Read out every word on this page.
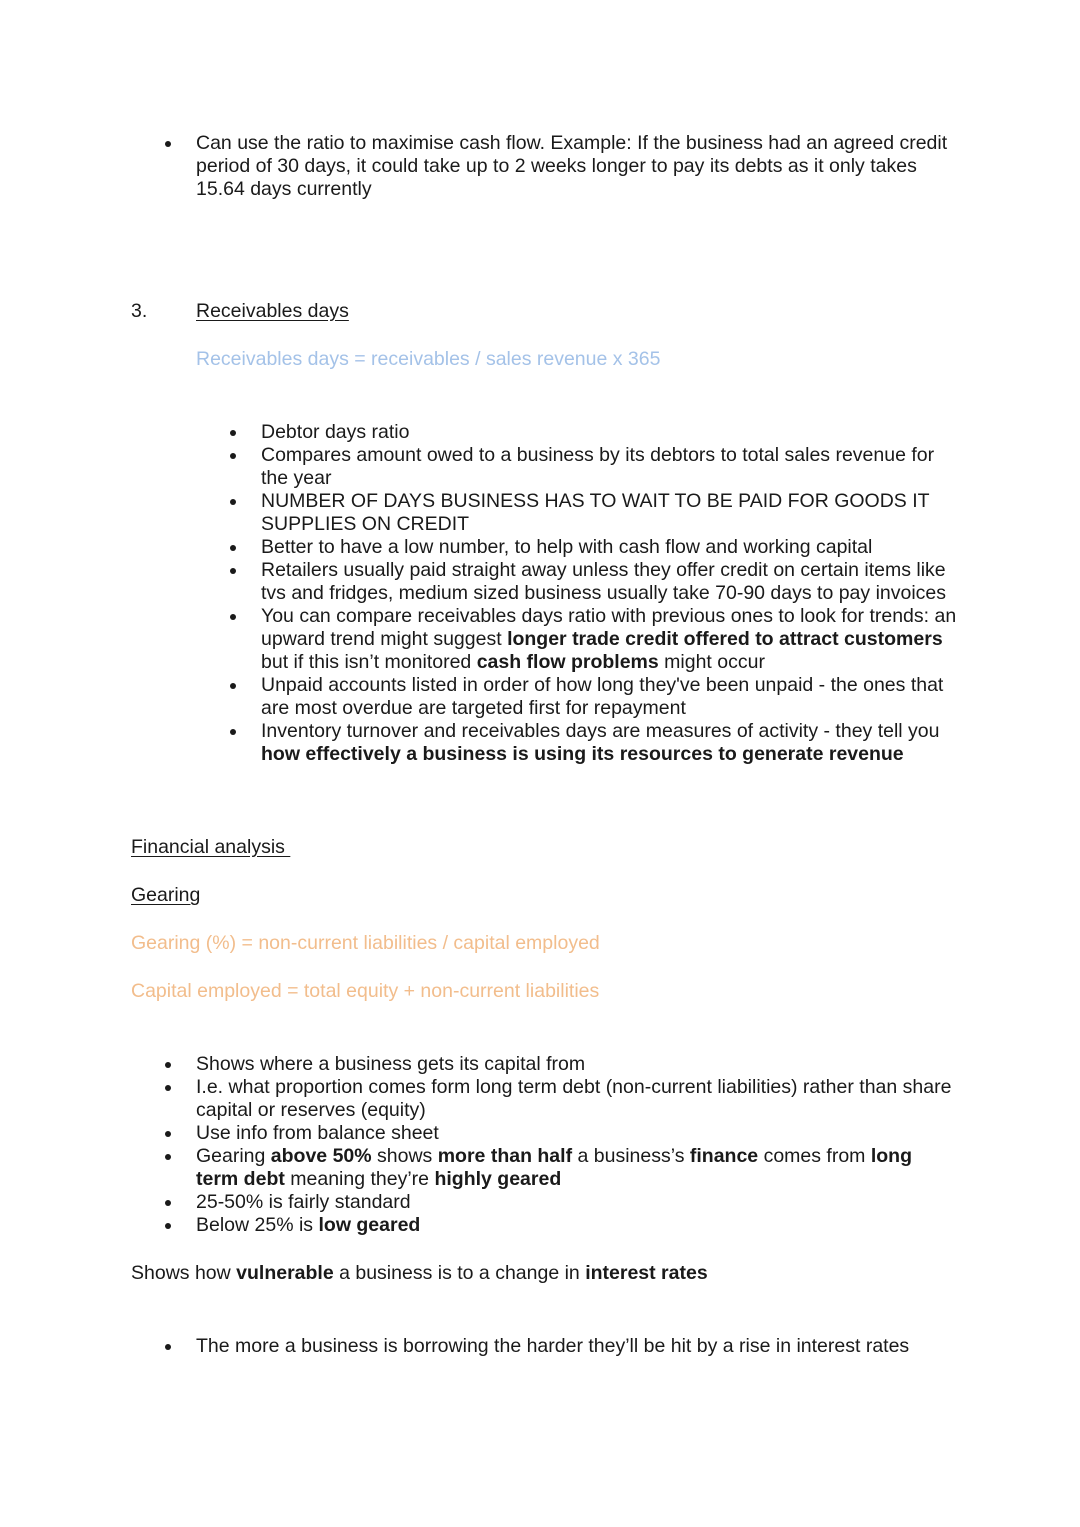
Can use the ratio to maximise cash flow. Example: If the business had an agreed credit period of 30 days, it could take up to 2 weeks longer to pay its debts as it only takes 15.64 days currently
3. Receivables days
Receivables days = receivables / sales revenue x 365
Debtor days ratio
Compares amount owed to a business by its debtors to total sales revenue for the year
NUMBER OF DAYS BUSINESS HAS TO WAIT TO BE PAID FOR GOODS IT SUPPLIES ON CREDIT
Better to have a low number, to help with cash flow and working capital
Retailers usually paid straight away unless they offer credit on certain items like tvs and fridges, medium sized business usually take 70-90 days to pay invoices
You can compare receivables days ratio with previous ones to look for trends: an upward trend might suggest longer trade credit offered to attract customers but if this isn’t monitored cash flow problems might occur
Unpaid accounts listed in order of how long they've been unpaid - the ones that are most overdue are targeted first for repayment
Inventory turnover and receivables days are measures of activity - they tell you how effectively a business is using its resources to generate revenue
Financial analysis
Gearing
Gearing (%) = non-current liabilities / capital employed
Capital employed = total equity + non-current liabilities
Shows where a business gets its capital from
I.e. what proportion comes form long term debt (non-current liabilities) rather than share capital or reserves (equity)
Use info from balance sheet
Gearing above 50% shows more than half a business’s finance comes from long term debt meaning they’re highly geared
25-50% is fairly standard
Below 25% is low geared
Shows how vulnerable a business is to a change in interest rates
The more a business is borrowing the harder they’ll be hit by a rise in interest rates
